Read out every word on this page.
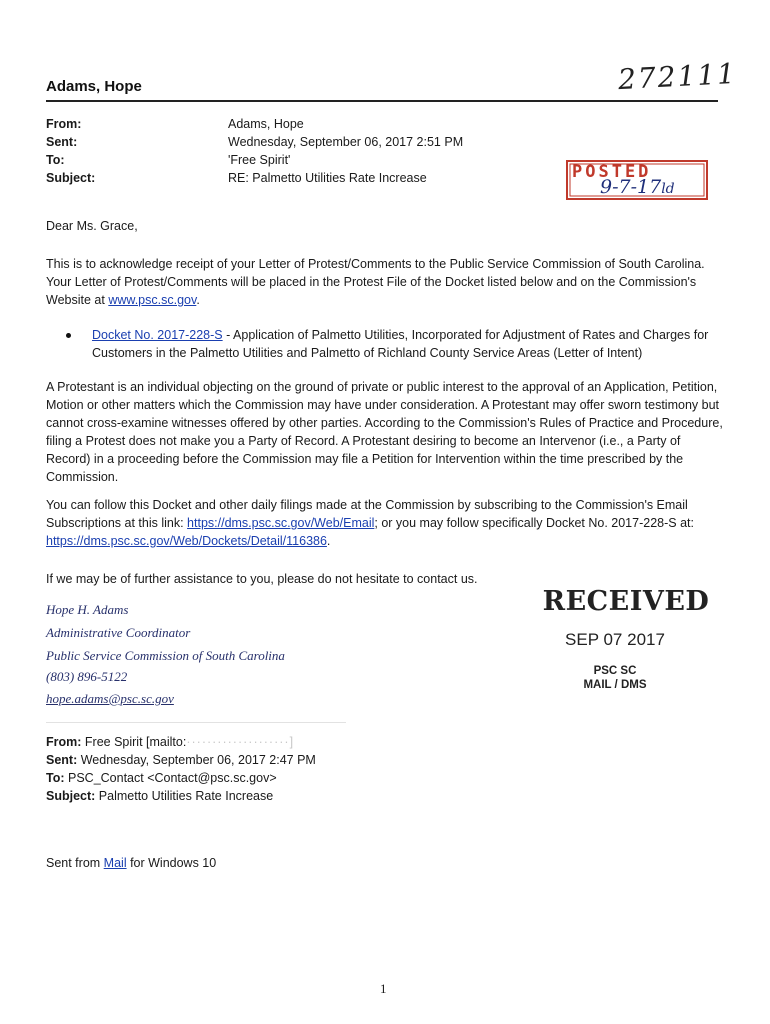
272111
Adams, Hope
From:
Sent:
To:
Subject:
Adams, Hope
Wednesday, September 06, 2017 2:51 PM
'Free Spirit'
RE: Palmetto Utilities Rate Increase	POSTED
9-7-17ld
Dear Ms. Grace,

This is to acknowledge receipt of your Letter of Protest/Comments to the Public Service Commission of South Carolina. Your Letter of Protest/Comments will be placed in the Protest File of the Docket listed below and on the Commission's Website at www.psc.sc.gov.

Docket No. 2017-228-S - Application of Palmetto Utilities, Incorporated for Adjustment of Rates and Charges for Customers in the Palmetto Utilities and Palmetto of Richland County Service Areas (Letter of Intent)
A Protestant is an individual objecting on the ground of private or public interest to the approval of an Application, Petition, Motion or other matters which the Commission may have under consideration. A Protestant may offer sworn testimony but cannot cross-examine witnesses offered by other parties. According to the Commission's Rules of Practice and Procedure, filing a Protest does not make you a Party of Record. A Protestant desiring to become an Intervenor (i.e., a Party of Record) in a proceeding before the Commission may file a Petition for Intervention within the time prescribed by the Commission.

You can follow this Docket and other daily filings made at the Commission by subscribing to the Commission's Email Subscriptions at this link: https://dms.psc.sc.gov/Web/Email; or you may follow specifically Docket No. 2017-228-S at: https://dms.psc.sc.gov/Web/Dockets/Detail/116386.

If we may be of further assistance to you, please do not hesitate to contact us.
Hope H. Adams
Administrative Coordinator
Public Service Commission of South Carolina
(803) 896-5122
hope.adams@psc.sc.gov
RECEIVED
SEP 07 2017
PSC SC
MAIL / DMS
From: Free Spirit [mailto:····················]
Sent: Wednesday, September 06, 2017 2:47 PM
To: PSC_Contact <Contact@psc.sc.gov>
Subject: Palmetto Utilities Rate Increase
Sent from Mail for Windows 10
1
